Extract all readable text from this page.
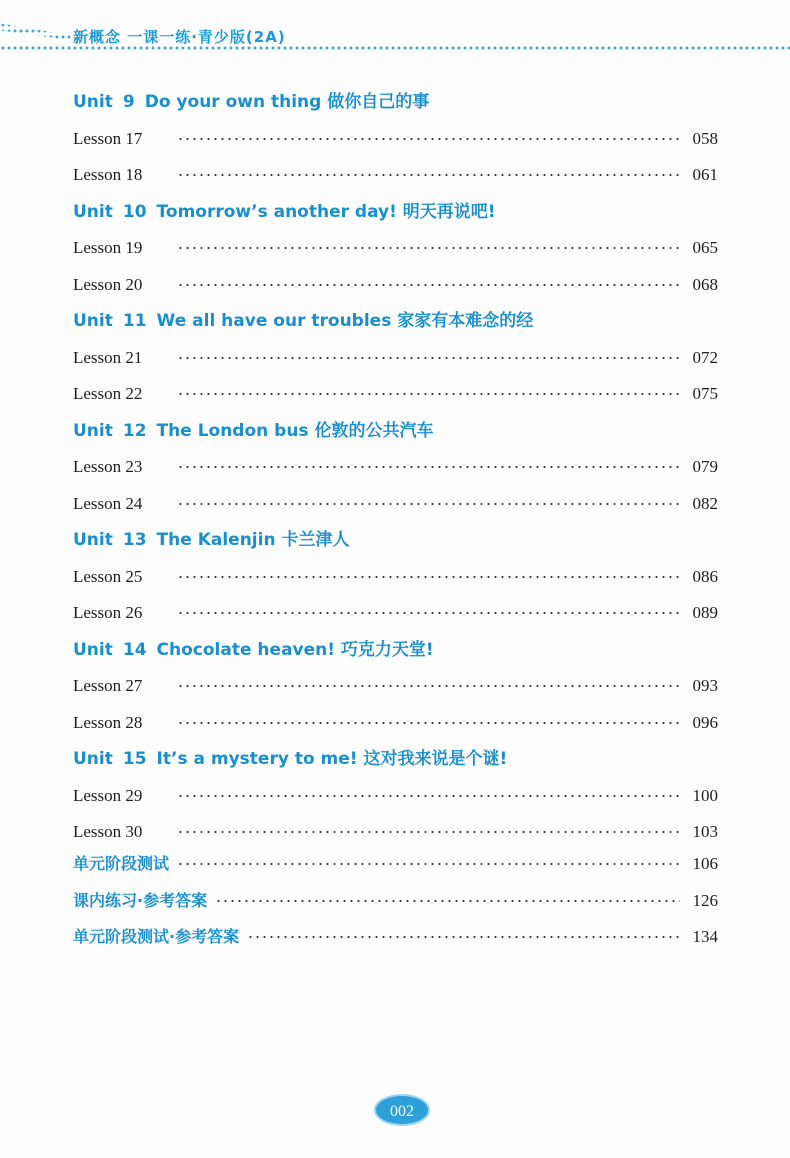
新概念 一课一练·青少版(2A)
Unit 9 Do your own thing 做你自己的事
Lesson 17	058
Lesson 18	061
Unit 10 Tomorrow’s another day! 明天再说吧!
Lesson 19	065
Lesson 20	068
Unit 11 We all have our troubles 家家有本难念的经
Lesson 21	072
Lesson 22	075
Unit 12 The London bus 伦敦的公共汽车
Lesson 23	079
Lesson 24	082
Unit 13 The Kalenjin 卡兰津人
Lesson 25	086
Lesson 26	089
Unit 14 Chocolate heaven! 巧克力天堂!
Lesson 27	093
Lesson 28	096
Unit 15 It’s a mystery to me! 这对我来说是个谜!
Lesson 29	100
Lesson 30	103
单元阶段测试	106
课内练习·参考答案	126
单元阶段测试·参考答案	134
002
